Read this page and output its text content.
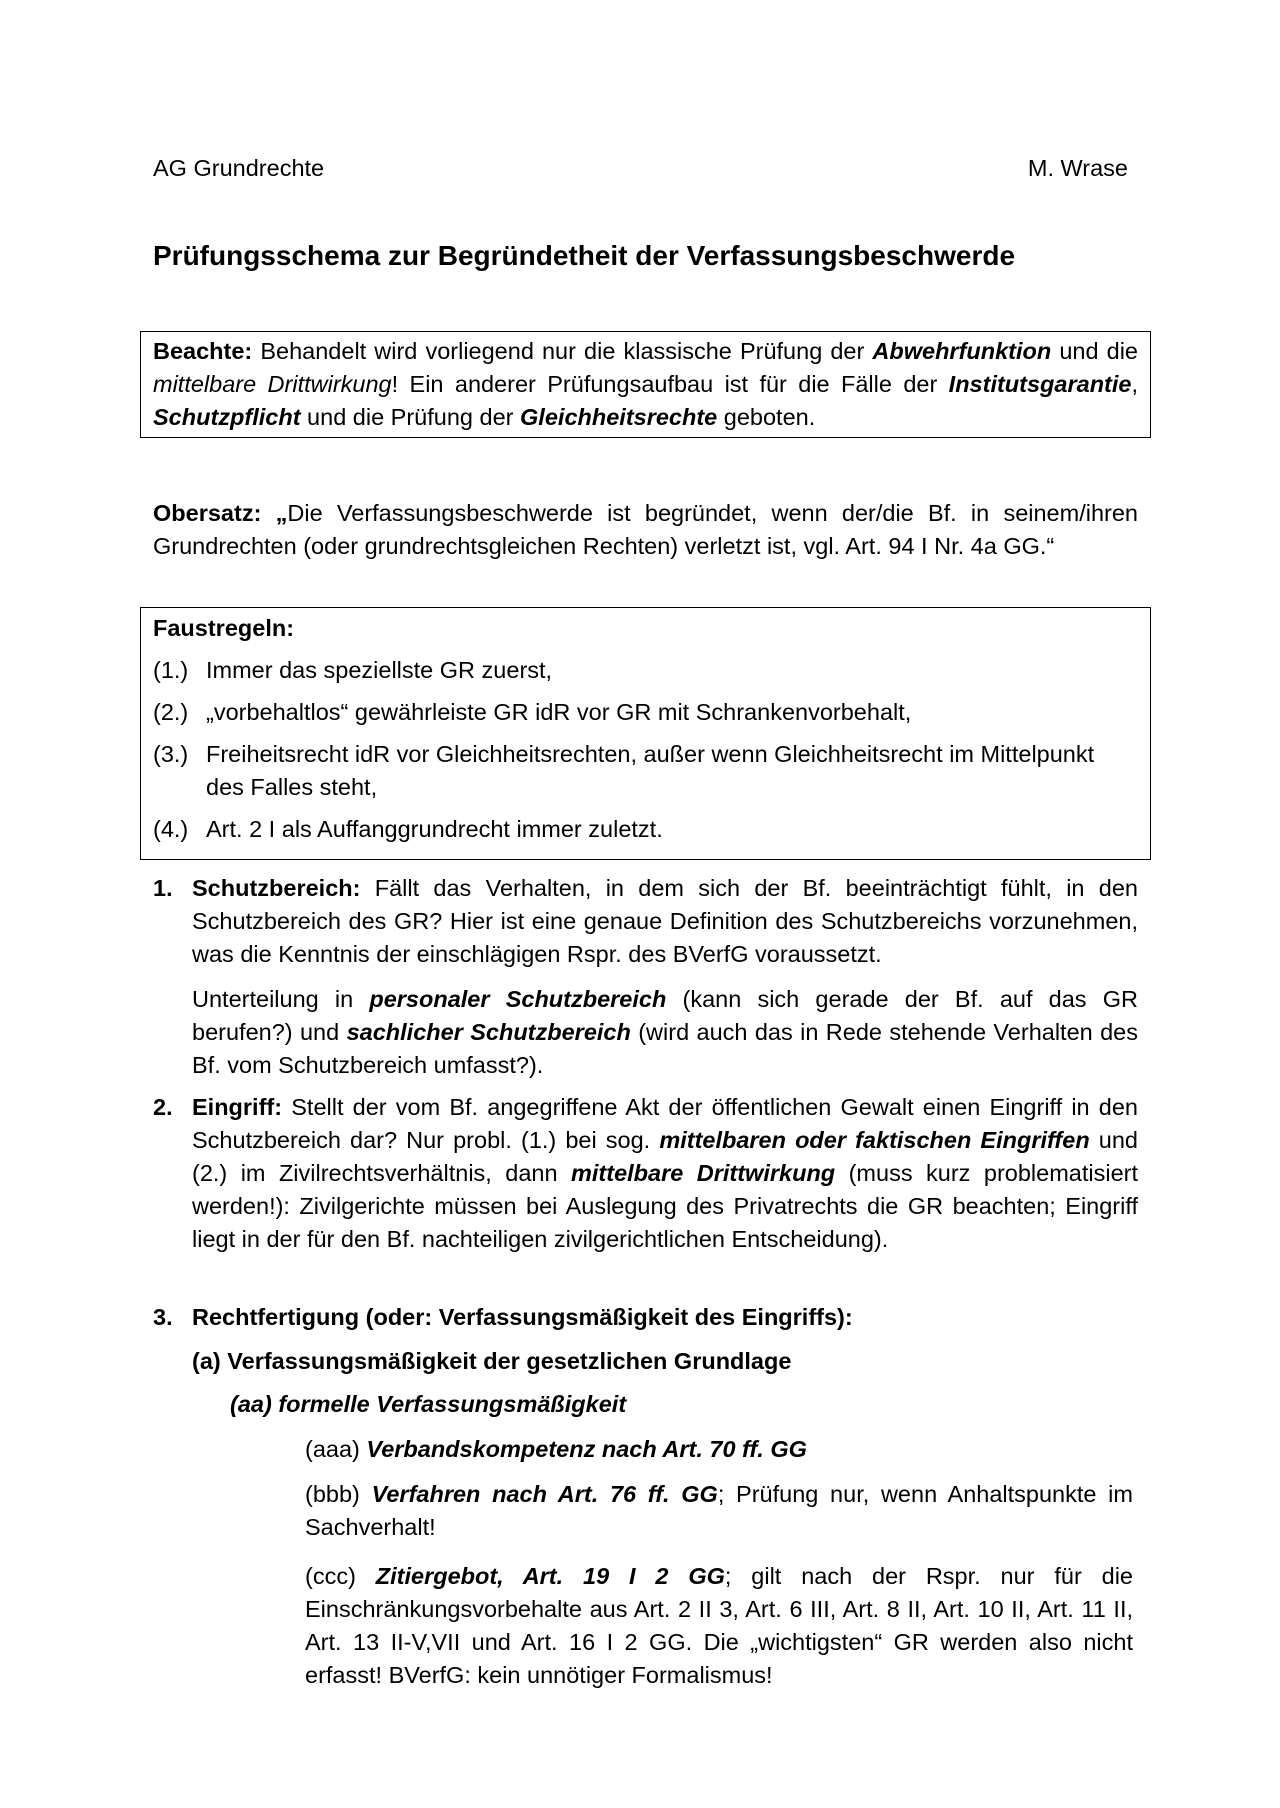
AG Grundrechte	M. Wrase
Prüfungsschema zur Begründetheit der Verfassungsbeschwerde
Beachte: Behandelt wird vorliegend nur die klassische Prüfung der Abwehrfunktion und die mittelbare Drittwirkung! Ein anderer Prüfungsaufbau ist für die Fälle der Institutsgarantie, Schutzpflicht und die Prüfung der Gleichheitsrechte geboten.
Obersatz: „Die Verfassungsbeschwerde ist begründet, wenn der/die Bf. in seinem/ihren Grundrechten (oder grundrechtsgleichen Rechten) verletzt ist, vgl. Art. 94 I Nr. 4a GG.“
Faustregeln:
(1.) Immer das speziellste GR zuerst,
(2.) „vorbehaltlos“ gewährleiste GR idR vor GR mit Schrankenvorbehalt,
(3.) Freiheitsrecht idR vor Gleichheitsrechten, außer wenn Gleichheitsrecht im Mittelpunkt des Falles steht,
(4.) Art. 2 I als Auffanggrundrecht immer zuletzt.
1. Schutzbereich: Fällt das Verhalten, in dem sich der Bf. beeinträchtigt fühlt, in den Schutzbereich des GR? Hier ist eine genaue Definition des Schutzbereichs vorzunehmen, was die Kenntnis der einschlägigen Rspr. des BVerfG voraussetzt.
Unterteilung in personaler Schutzbereich (kann sich gerade der Bf. auf das GR berufen?) und sachlicher Schutzbereich (wird auch das in Rede stehende Verhalten des Bf. vom Schutzbereich umfasst?).
2. Eingriff: Stellt der vom Bf. angegriffene Akt der öffentlichen Gewalt einen Eingriff in den Schutzbereich dar? Nur probl. (1.) bei sog. mittelbaren oder faktischen Eingriffen und (2.) im Zivilrechtsverhältnis, dann mittelbare Drittwirkung (muss kurz problematisiert werden!): Zivilgerichte müssen bei Auslegung des Privatrechts die GR beachten; Eingriff liegt in der für den Bf. nachteiligen zivilgerichtlichen Entscheidung).
3. Rechtfertigung (oder: Verfassungsmäßigkeit des Eingriffs):
(a) Verfassungsmäßigkeit der gesetzlichen Grundlage
(aa) formelle Verfassungsmäßigkeit
(aaa) Verbandskompetenz nach Art. 70 ff. GG
(bbb) Verfahren nach Art. 76 ff. GG; Prüfung nur, wenn Anhaltspunkte im Sachverhalt!
(ccc) Zitiergebot, Art. 19 I 2 GG; gilt nach der Rspr. nur für die Einschränkungsvorbehalte aus Art. 2 II 3, Art. 6 III, Art. 8 II, Art. 10 II, Art. 11 II, Art. 13 II-V,VII und Art. 16 I 2 GG. Die „wichtigsten“ GR werden also nicht erfasst! BVerfG: kein unnötiger Formalismus!
